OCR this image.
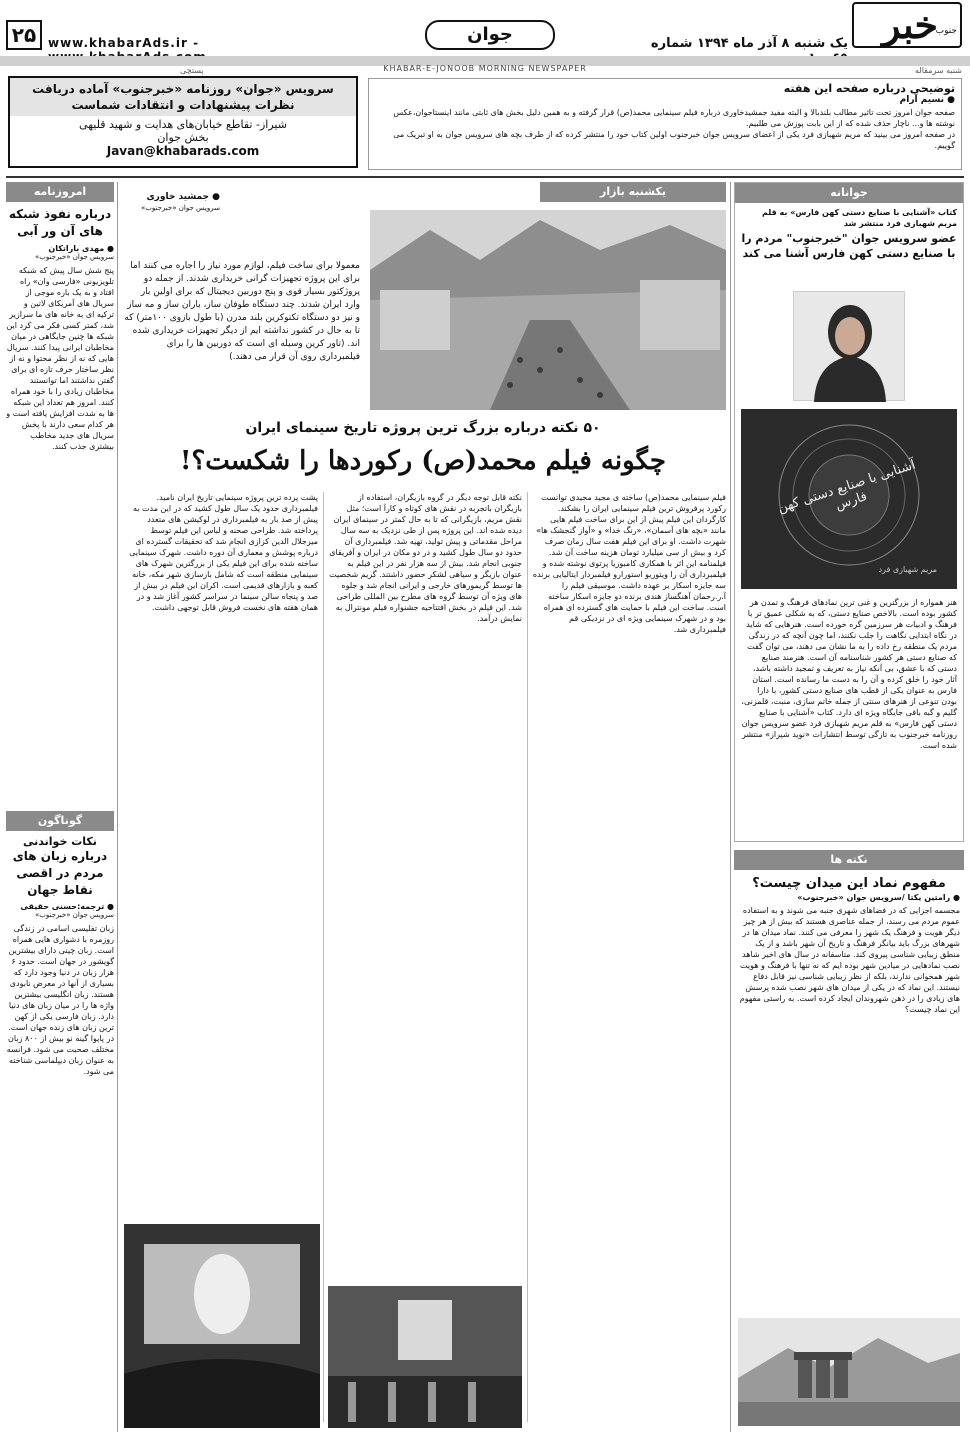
خبر
جنوب
یک شنبه ۸ آذر ماه ۱۳۹۴ شماره
جوان
www.khabarAds.ir -
۲۵
KHABAR-E-JONOOB MORNING NEWSPAPER
پستچی	شنبه سرمقاله
توضیحی درباره صفحه این هفته
● نسیم آرام
صفحه جوان امروز تحت تاثیر مطالب بلندبالا و البته مفید جمشیدخاوری درباره فیلم سینمایی محمد(ص) قرار گرفته و به همین دلیل بخش های ثابتی مانند اینستاجوان،عکس نوشته ها و... ناچار حذف شده که از این بابت پوزش می طلبیم.
در صفحه امروز می بینید که مریم شهبازی فرد یکی از اعضای سرویس جوان خبرجنوب اولین کتاب خود را منتشر کرده که از طرف بچه های سرویس جوان به او تبریک می گوییم.
سرویس «جوان» روزنامه «خبرجنوب» آماده دریافت نظرات پیشنهادات و انتقادات شماست
شیراز- تقاطع خیابان‌های هدایت و شهید قلیهی
بخش جوان
Javan@khabarads.com
جوانانه
کتاب «آشنایی با صنایع دستی کهن فارس» به قلم مریم شهبازی فرد منتشر شد
عضو سرویس جوان "خبرجنوب" مردم را با صنایع دستی کهن فارس آشنا می کند
آشنایی با صنایع دستی کهن فارس
مریم شهبازی فرد
هنر همواره از بزرگترین و غنی ترین نمادهای فرهنگ و تمدن هر کشور بوده است. بالاخص صنایع دستی، که به شکلی عمیق تر با فرهنگ و ادبیات هر سرزمین گره خورده است. هنرهایی که شاید در نگاه ابتدایی نگاهت را جلب نکنند، اما چون آنچه که در زندگی مردم یک منطقه رخ داده را به ما نشان می دهند، می توان گفت که صنایع دستی هر کشور شناسنامه آن است. هنرمند صنایع دستی که با عشق، بی آنکه نیاز به تعریف و تمجید داشته باشد، آثار خود را خلق کرده و آن را به دست ما رسانده است. استان فارس به عنوان یکی از قطب های صنایع دستی کشور، با دارا بودن تنوعی از هنرهای سنتی از جمله خاتم سازی، منبت، قلمزنی، گلیم و گبه بافی جایگاه ویژه ای دارد. کتاب «آشنایی با صنایع دستی کهن فارس» به قلم مریم شهبازی فرد عضو سرویس جوان روزنامه خبرجنوب به تازگی توسط انتشارات «نوید شیراز» منتشر شده است.
نکته ها
مفهوم نماد این میدان چیست؟
● رامتین یکتا /سرویس جوان «خبرجنوب»
مجسمه اجزایی که در فضاهای شهری جنبه می شوند و به استفاده عموم مردم می رسند، از جمله عناصری هستند که بیش از هر چیز دیگر هویت و فرهنگ یک شهر را معرفی می کنند. نماد میدان ها در شهرهای بزرگ باید بیانگر فرهنگ و تاریخ آن شهر باشد و از یک منطق زیبایی شناسی پیروی کند. متاسفانه در سال های اخیر شاهد نصب نمادهایی در میادین شهر بوده ایم که نه تنها با فرهنگ و هویت شهر همخوانی ندارند، بلکه از نظر زیبایی شناسی نیز قابل دفاع نیستند. این نماد که در یکی از میدان های شهر نصب شده پرسش های زیادی را در ذهن شهروندان ایجاد کرده است. به راستی مفهوم این نماد چیست؟
یکشنبه بازار
● جمشید خاوری
سرویس جوان «خبرجنوب»
معمولا برای ساخت فیلم، لوازم مورد نیاز را اجاره می کنند اما برای این پروژه تجهیزات گرانی خریداری شدند. از جمله دو پروژکتور بسیار قوی و پنج دوربین دیجیتال که برای اولین بار وارد ایران شدند. چند دستگاه طوفان ساز، باران ساز و مه ساز و نیز دو دستگاه تکنوکرین بلند مدرن (با طول بازوی ۱۰۰متر) که تا به حال در کشور نداشته ایم از دیگر تجهیزات خریداری شده اند. (تاور کرین وسیله ای است که دوربین ها را برای فیلمبرداری روی آن قرار می دهند.)
۵۰ نکته درباره بزرگ ترین پروژه تاریخ سینمای ایران
چگونه فیلم محمد(ص) رکوردها را شکست؟!
فیلم سینمایی محمد(ص) ساخته ی مجید مجیدی توانست رکورد پرفروش ترین فیلم سینمایی ایران را بشکند. کارگردان این فیلم پیش از این برای ساخت فیلم هایی مانند «بچه های آسمان»، «رنگ خدا» و «آواز گنجشک ها» شهرت داشت. او برای این فیلم هفت سال زمان صرف کرد و بیش از سی میلیارد تومان هزینه ساخت آن شد. فیلمنامه این اثر با همکاری کامبوزیا پرتوی نوشته شده و فیلمبرداری آن را ویتوریو استورارو فیلمبردار ایتالیایی برنده سه جایزه اسکار بر عهده داشت. موسیقی فیلم را آ.ر.رحمان آهنگساز هندی برنده دو جایزه اسکار ساخته است. ساخت این فیلم با حمایت های گسترده ای همراه بود و در شهرک سینمایی ویژه ای در نزدیکی قم فیلمبرداری شد.
نکته قابل توجه دیگر در گروه بازیگران، استفاده از بازیگران باتجربه در نقش های کوتاه و کارآ است؛ مثل نقش مریم، بازیگرانی که تا به حال کمتر در سینمای ایران دیده شده اند. این پروژه پس از طی نزدیک به سه سال مراحل مقدماتی و پیش تولید، تهیه شد. فیلمبرداری آن حدود دو سال طول کشید و در دو مکان در ایران و آفریقای جنوبی انجام شد. بیش از سه هزار نفر در این فیلم به عنوان بازیگر و سیاهی لشکر حضور داشتند. گریم شخصیت ها توسط گریمورهای خارجی و ایرانی انجام شد و جلوه های ویژه آن توسط گروه های مطرح بین المللی طراحی شد. این فیلم در بخش افتتاحیه جشنواره فیلم مونترال به نمایش درآمد.
پشت پرده ترین پروژه سینمایی تاریخ ایران نامید. فیلمبرداری حدود یک سال طول کشید که در این مدت به پیش از صد بار به فیلمبرداری در لوکیشن های متعدد پرداخته شد. طراحی صحنه و لباس این فیلم توسط میرجلال الدین کزازی انجام شد که تحقیقات گسترده ای درباره پوشش و معماری آن دوره داشت. شهرک سینمایی ساخته شده برای این فیلم یکی از بزرگترین شهرک های سینمایی منطقه است که شامل بازسازی شهر مکه، خانه کعبه و بازارهای قدیمی است. اکران این فیلم در بیش از صد و پنجاه سالن سینما در سراسر کشور آغاز شد و در همان هفته های نخست فروش قابل توجهی داشت.
امروزنامه
درباره نفوذ شبکه های آن ور آبی
● مهدی باراتکان
سرویس جوان «خبرجنوب»
پنج شش سال پیش که شبکه تلویزیونی «فارسی وان» راه افتاد و به یک باره موجی از سریال های آمریکای لاتین و ترکیه ای به خانه های ما سرازیر شد، کمتر کسی فکر می کرد این شبکه ها چنین جایگاهی در میان مخاطبان ایرانی پیدا کنند. سریال هایی که نه از نظر محتوا و نه از نظر ساختار حرف تازه ای برای گفتن نداشتند اما توانستند مخاطبان زیادی را با خود همراه کنند. امروز هم تعداد این شبکه ها به شدت افزایش یافته است و هر کدام سعی دارند با پخش سریال های جدید مخاطب بیشتری جذب کنند.
گوناگون
نکات خواندنی
درباره زبان های مردم در اقصی نقاط جهان
● ترجمه:حسنی حقیقی
سرویس جوان «خبرجنوب»
زبان تفلیسی اسامی در زندگی روزمره با دشواری هایی همراه است. زبان چینی دارای بیشترین گویشور در جهان است. حدود ۶ هزار زبان در دنیا وجود دارد که بسیاری از آنها در معرض نابودی هستند. زبان انگلیسی بیشترین واژه ها را در میان زبان های دنیا دارد. زبان فارسی یکی از کهن ترین زبان های زنده جهان است. در پاپوا گینه نو بیش از ۸۰۰ زبان مختلف صحبت می شود. فرانسه به عنوان زبان دیپلماسی شناخته می شود.
